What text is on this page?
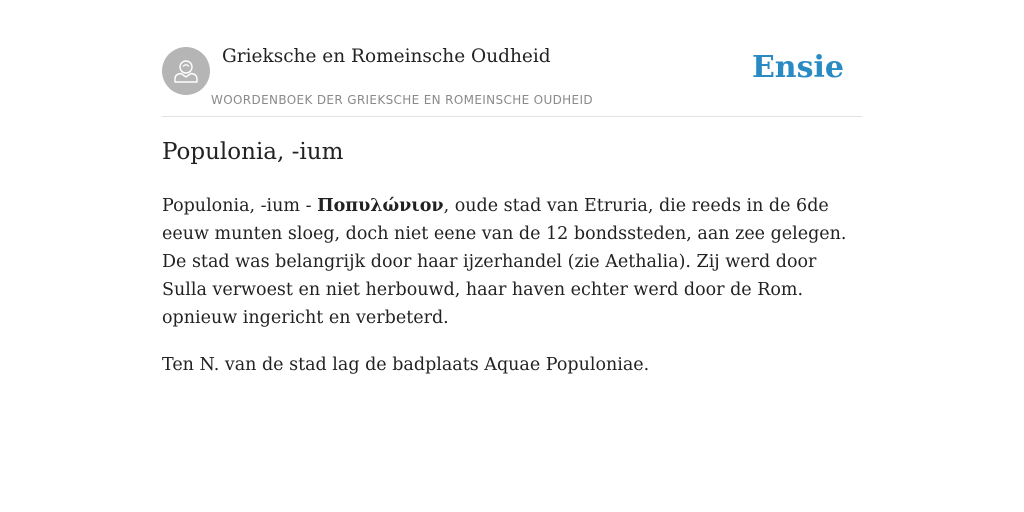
Grieksche en Romeinsche Oudheid
WOORDENBOEK DER GRIEKSCHE EN ROMEINSCHE OUDHEID
Ensie
Populonia, -ium

Populonia, -ium - Ποπυλώνιον, oude stad van Etruria, die reeds in de 6de eeuw munten sloeg, doch niet eene van de 12 bondssteden, aan zee gelegen. De stad was belangrijk door haar ijzerhandel (zie Aethalia). Zij werd door Sulla verwoest en niet herbouwd, haar haven echter werd door de Rom. opnieuw ingericht en verbeterd.

Ten N. van de stad lag de badplaats Aquae Populoniae.
